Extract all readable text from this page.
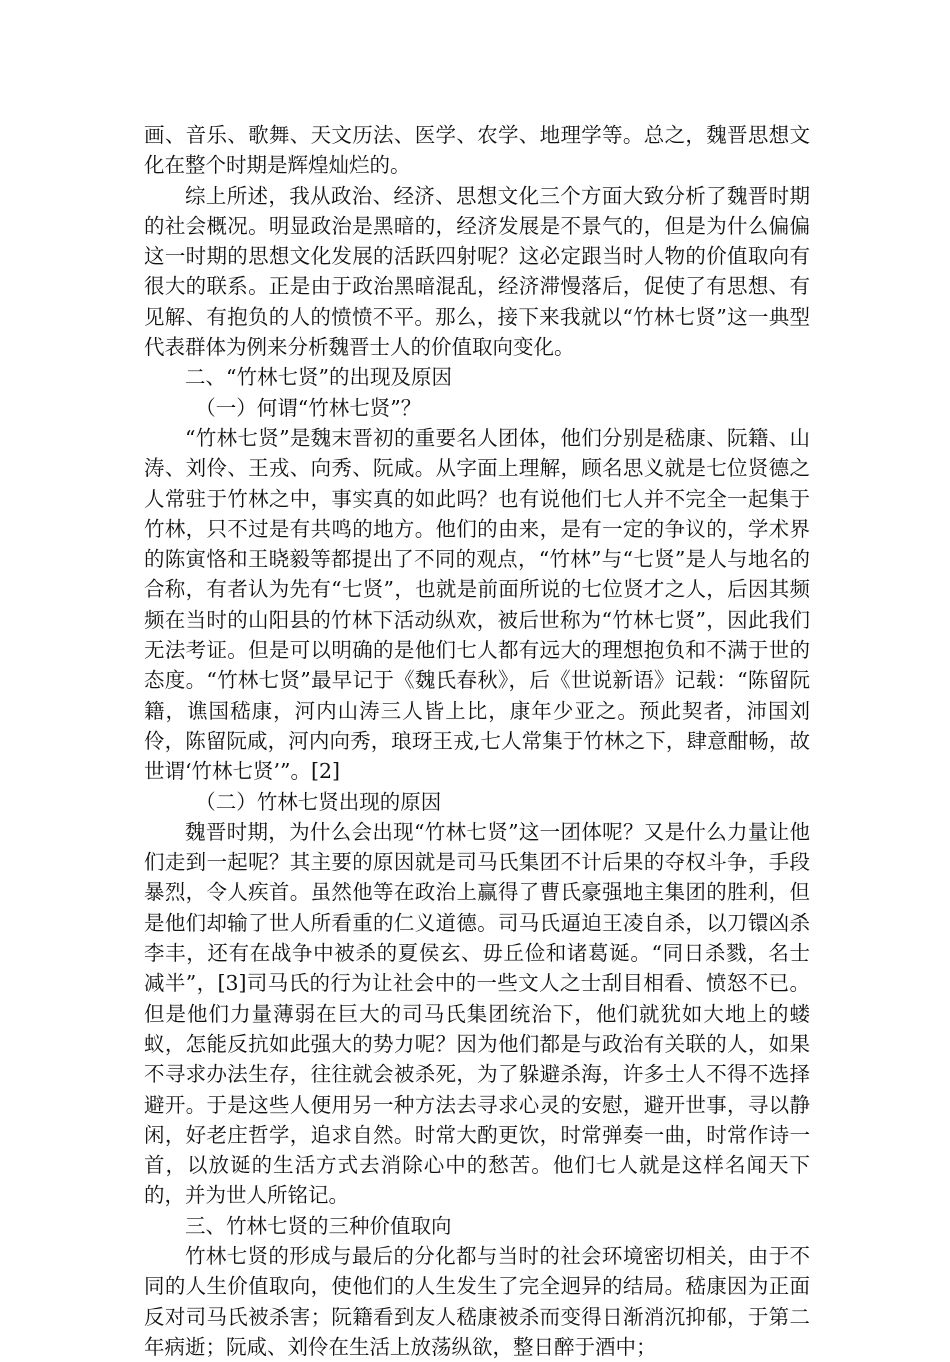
画、音乐、歌舞、天文历法、医学、农学、地理学等。总之，魏晋思想文化在整个时期是辉煌灿烂的。

综上所述，我从政治、经济、思想文化三个方面大致分析了魏晋时期的社会概况。明显政治是黑暗的，经济发展是不景气的，但是为什么偏偏这一时期的思想文化发展的活跃四射呢？这必定跟当时人物的价值取向有很大的联系。正是由于政治黑暗混乱，经济滞慢落后，促使了有思想、有见解、有抱负的人的愤愤不平。那么，接下来我就以“竹林七贤”这一典型代表群体为例来分析魏晋士人的价值取向变化。

二、“竹林七贤”的出现及原因

（一）何谓“竹林七贤”？

“竹林七贤”是魏末晋初的重要名人团体，他们分别是嵇康、阮籍、山涛、刘伶、王戎、向秀、阮咸。从字面上理解，顾名思义就是七位贤德之人常驻于竹林之中，事实真的如此吗？也有说他们七人并不完全一起集于竹林，只不过是有共鸣的地方。他们的由来，是有一定的争议的，学术界的陈寅恪和王晓毅等都提出了不同的观点，“竹林”与“七贤”是人与地名的合称，有者认为先有“七贤”，也就是前面所说的七位贤才之人，后因其频频在当时的山阳县的竹林下活动纵欢，被后世称为“竹林七贤”，因此我们无法考证。但是可以明确的是他们七人都有远大的理想抱负和不满于世的态度。“竹林七贤”最早记于《魏氏春秋》，后《世说新语》记载：“陈留阮籍，谯国嵇康，河内山涛三人皆上比，康年少亚之。预此契者，沛国刘伶，陈留阮咸，河内向秀，琅玡王戎,七人常集于竹林之下，肆意酣畅，故世谓‘竹林七贤’”。[2]

（二）竹林七贤出现的原因

魏晋时期，为什么会出现“竹林七贤”这一团体呢？又是什么力量让他们走到一起呢？其主要的原因就是司马氏集团不计后果的夺权斗争，手段暴烈，令人疾首。虽然他等在政治上赢得了曹氏豪强地主集团的胜利，但是他们却输了世人所看重的仁义道德。司马氏逼迫王凌自杀，以刀镮凶杀李丰，还有在战争中被杀的夏侯玄、毋丘俭和诸葛诞。“同日杀戮，名士减半”，[3]司马氏的行为让社会中的一些文人之士刮目相看、愤怒不已。但是他们力量薄弱在巨大的司马氏集团统治下，他们就犹如大地上的蝼蚁，怎能反抗如此强大的势力呢？因为他们都是与政治有关联的人，如果不寻求办法生存，往往就会被杀死，为了躲避杀海，许多士人不得不选择避开。于是这些人便用另一种方法去寻求心灵的安慰，避开世事，寻以静闲，好老庄哲学，追求自然。时常大酌更饮，时常弹奏一曲，时常作诗一首，以放诞的生活方式去消除心中的愁苦。他们七人就是这样名闻天下的，并为世人所铭记。

三、竹林七贤的三种价值取向

竹林七贤的形成与最后的分化都与当时的社会环境密切相关，由于不同的人生价值取向，使他们的人生发生了完全迥异的结局。嵇康因为正面反对司马氏被杀害；阮籍看到友人嵇康被杀而变得日渐消沉抑郁，于第二年病逝；阮咸、刘伶在生活上放荡纵欲，整日醉于酒中；
